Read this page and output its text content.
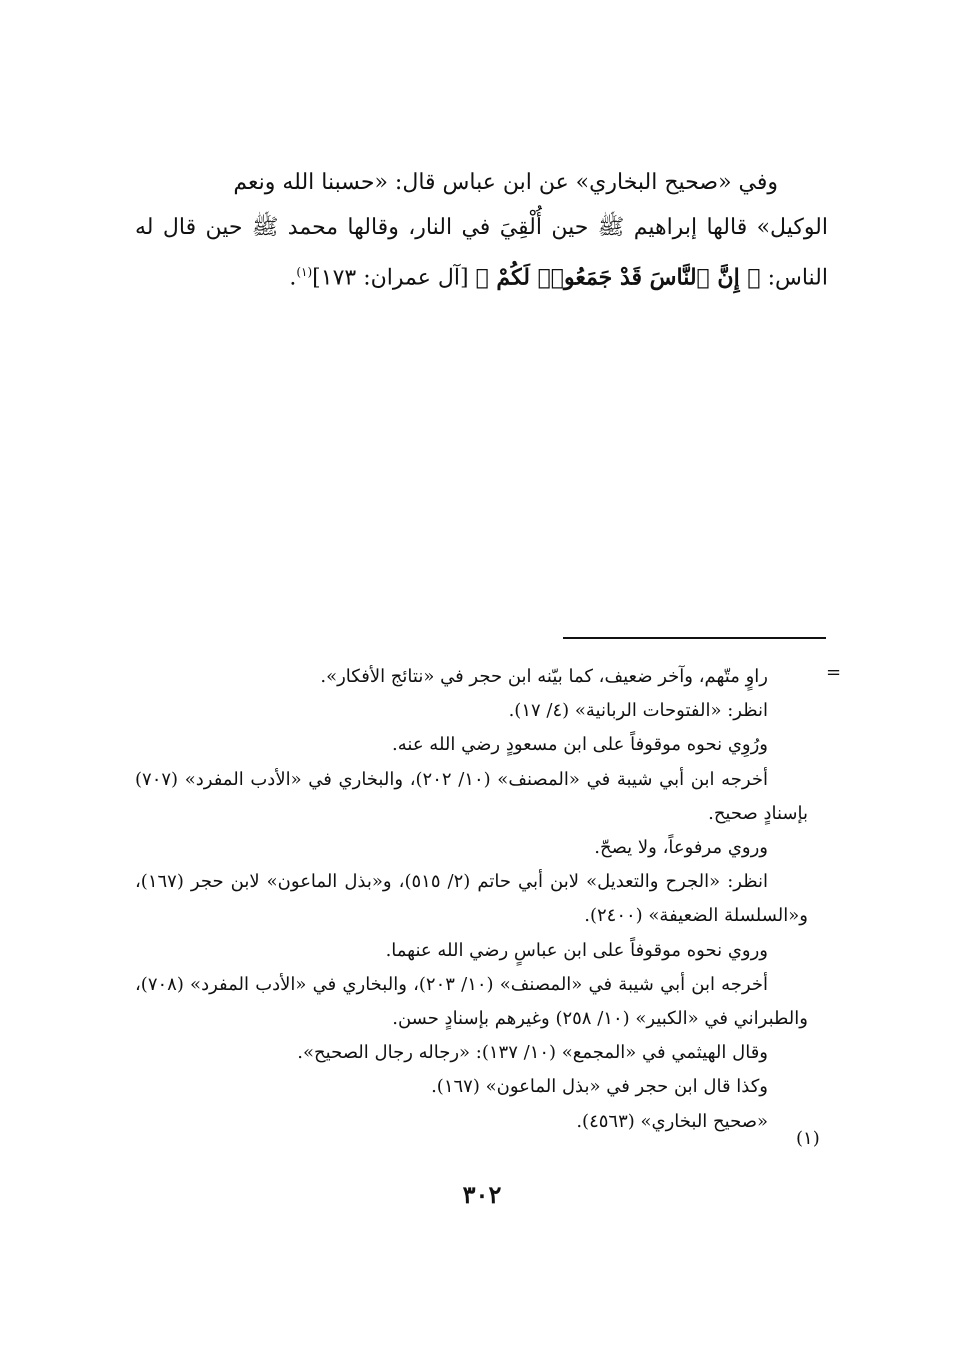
وفي «صحيح البخاري» عن ابن عباس قال: «حسبنا الله ونعم
الوكيل» قالها إبراهيم ﷺ حين أُلْقِيَ في النار، وقالها محمد ﷺ حين قال له الناس: ﴿ إِنَّ ٱلنَّاسَ قَدْ جَمَعُوا۟ لَكُمْ ﴾ [آل عمران: ١٧٣]$^{(١)}$.

=

راوٍ متّهم، وآخر ضعيف، كما بيّنه ابن حجر في «نتائج الأفكار».

انظر: «الفتوحات الربانية» (٤/ ١٧).

ورُوِي نحوه موقوفاً على ابن مسعودٍ رضي الله عنه.

أخرجه ابن أبي شيبة في «المصنف» (١٠/ ٢٠٢)، والبخاري في «الأدب المفرد» (٧٠٧) بإسنادٍ صحيح.

وروي مرفوعاً، ولا يصحّ.

انظر: «الجرح والتعديل» لابن أبي حاتم (٢/ ٥١٥)، و«بذل الماعون» لابن حجر (١٦٧)، و«السلسلة الضعيفة» (٢٤٠٠).

وروي نحوه موقوفاً على ابن عباسٍ رضي الله عنهما.

أخرجه ابن أبي شيبة في «المصنف» (١٠/ ٢٠٣)، والبخاري في «الأدب المفرد» (٧٠٨)، والطبراني في «الكبير» (١٠/ ٢٥٨) وغيرهم بإسنادٍ حسن.

وقال الهيثمي في «المجمع» (١٠/ ١٣٧): «رجاله رجال الصحيح».

وكذا قال ابن حجر في «بذل الماعون» (١٦٧).

«صحيح البخاري» (٤٥٦٣).

(١)
٣٠٢
